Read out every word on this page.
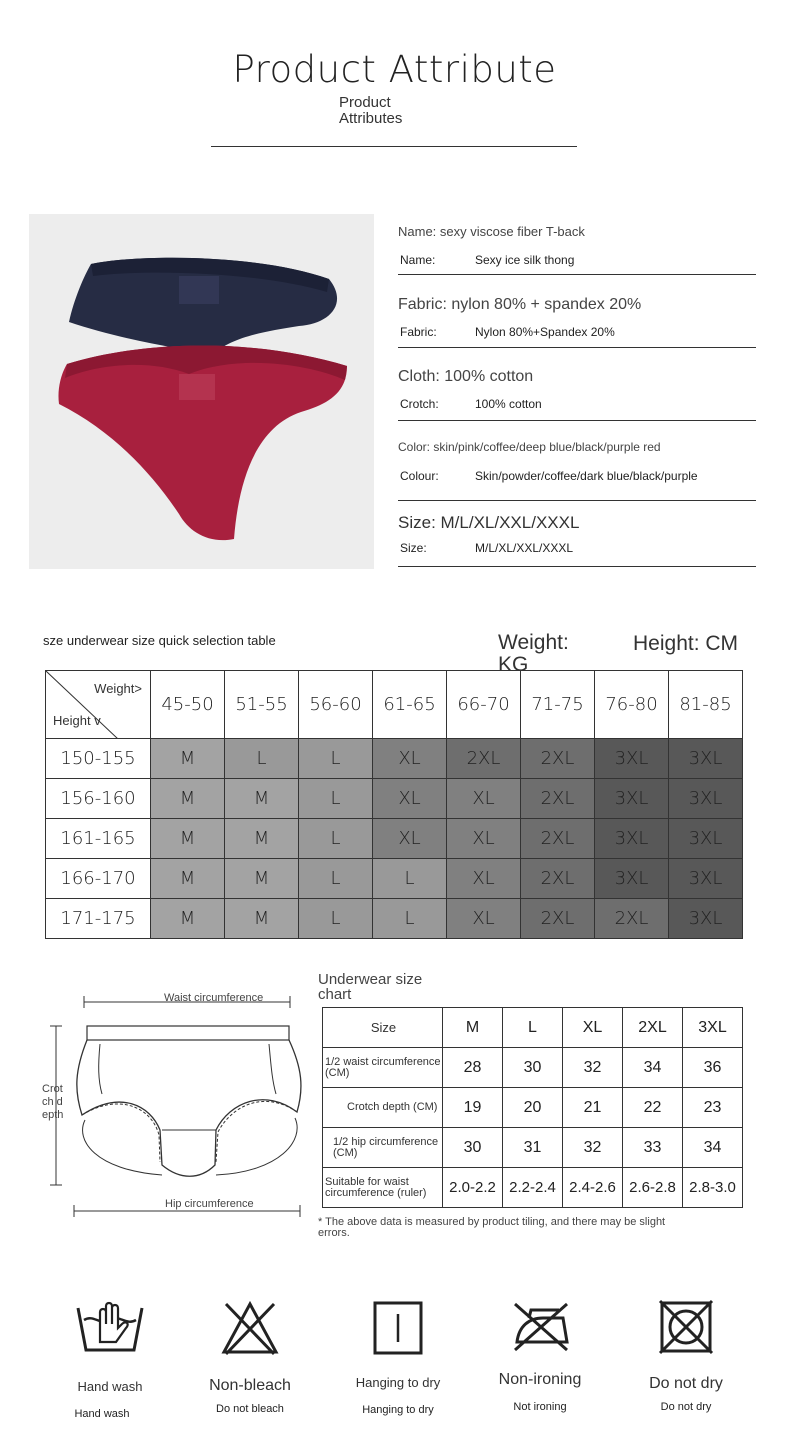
Product Attribute
Product Attributes
Name: sexy viscose fiber T-back
Name:	Sexy ice silk thong
Fabric: nylon 80% + spandex 20%
Fabric:	Nylon 80%+Spandex 20%
Cloth: 100% cotton
Crotch:	100% cotton
Color: skin/pink/coffee/deep blue/black/purple red
Colour:	Skin/powder/coffee/dark blue/black/purple
Size: M/L/XL/XXL/XXXL
Size:	M/L/XL/XXL/XXXL
sze underwear size quick selection table	Weight: KG
Height: CM
Weight>
Height v	45-50	51-55	56-60	61-65	66-70	71-75	76-80	81-85
150-155	M	L	L	XL	2XL	2XL	3XL	3XL
156-160	M	M	L	XL	XL	2XL	3XL	3XL
161-165	M	M	L	XL	XL	2XL	3XL	3XL
166-170	M	M	L	L	XL	2XL	3XL	3XL
171-175	M	M	L	L	XL	2XL	2XL	3XL
Waist circumference
Crotch depth
Hip circumference
Underwear size chart
Size	M	L	XL	2XL	3XL
1/2 waist circumference (CM)	28	30	32	34	36
Crotch depth (CM)	19	20	21	22	23
1/2 hip circumference (CM)	30	31	32	33	34
Suitable for waist circumference (ruler)	2.0-2.2	2.2-2.4	2.4-2.6	2.6-2.8	2.8-3.0
* The above data is measured by product tiling, and there may be slight errors.
Hand wash
Hand wash
Non-bleach
Do not bleach
Hanging to dry
Hanging to dry
Non-ironing
Not ironing
Do not dry
Do not dry
